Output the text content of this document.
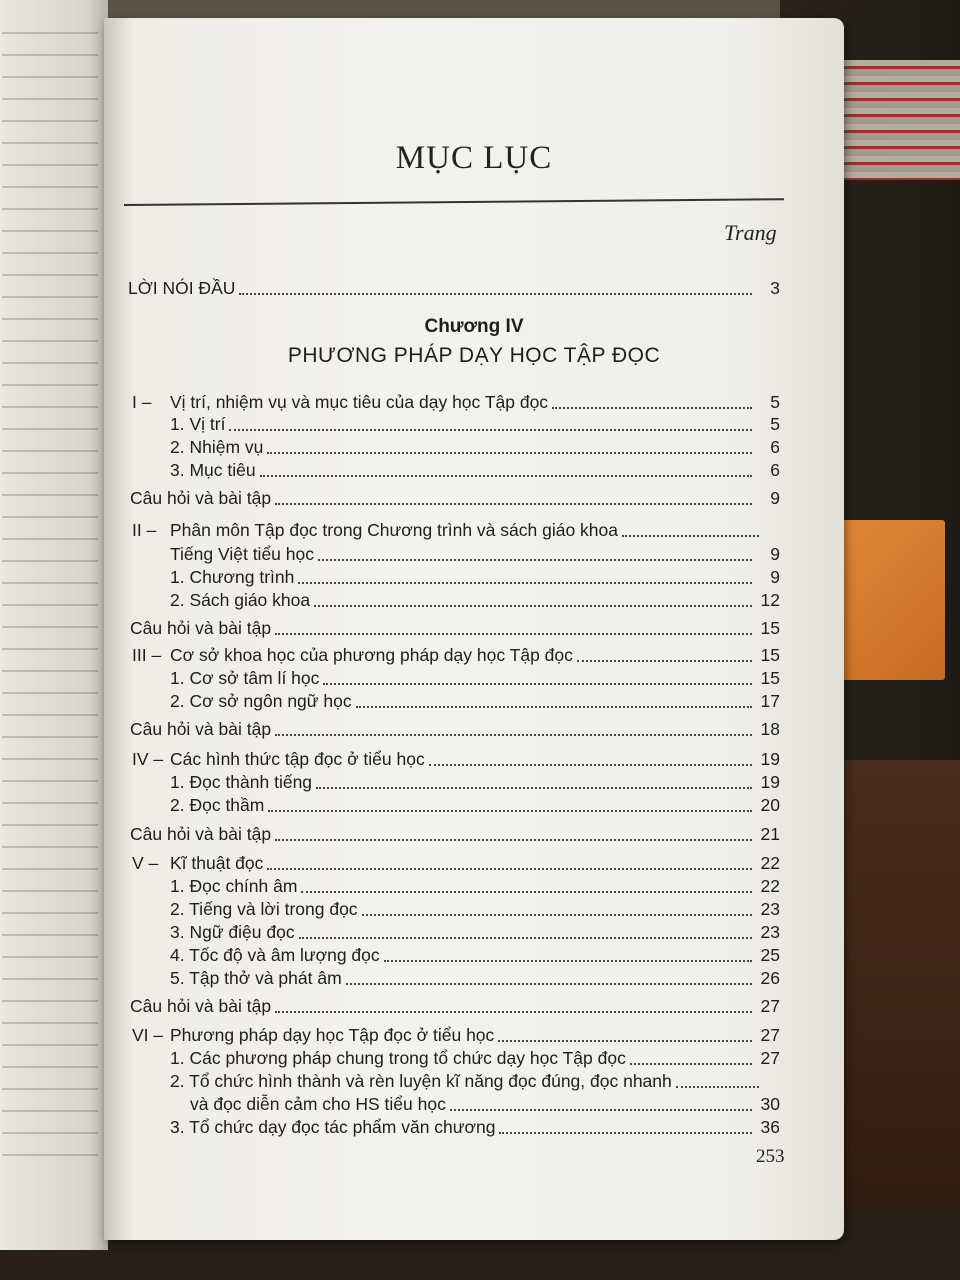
MỤC LỤC
Trang
Chương IV
PHƯƠNG PHÁP DẠY HỌC TẬP ĐỌC
LỜI NÓI ĐẦU	3
I – Vị trí, nhiệm vụ và mục tiêu của dạy học Tập đọc	5
1. Vị trí	5
2. Nhiệm vụ	6
3. Mục tiêu	6
Câu hỏi và bài tập	9
II – Phân môn Tập đọc trong Chương trình và sách giáo khoa
Tiếng Việt tiểu học	9
1. Chương trình	9
2. Sách giáo khoa	12
Câu hỏi và bài tập	15
III – Cơ sở khoa học của phương pháp dạy học Tập đọc	15
1. Cơ sở tâm lí học	15
2. Cơ sở ngôn ngữ học	17
Câu hỏi và bài tập	18
IV – Các hình thức tập đọc ở tiểu học	19
1. Đọc thành tiếng	19
2. Đọc thầm	20
Câu hỏi và bài tập	21
V – Kĩ thuật đọc	22
1. Đọc chính âm	22
2. Tiếng và lời trong đọc	23
3. Ngữ điệu đọc	23
4. Tốc độ và âm lượng đọc	25
5. Tập thở và phát âm	26
Câu hỏi và bài tập	27
VI – Phương pháp dạy học Tập đọc ở tiểu học	27
1. Các phương pháp chung trong tổ chức dạy học Tập đọc	27
2. Tổ chức hình thành và rèn luyện kĩ năng đọc đúng, đọc nhanh
và đọc diễn cảm cho HS tiểu học	30
3. Tổ chức dạy đọc tác phẩm văn chương	36
253
